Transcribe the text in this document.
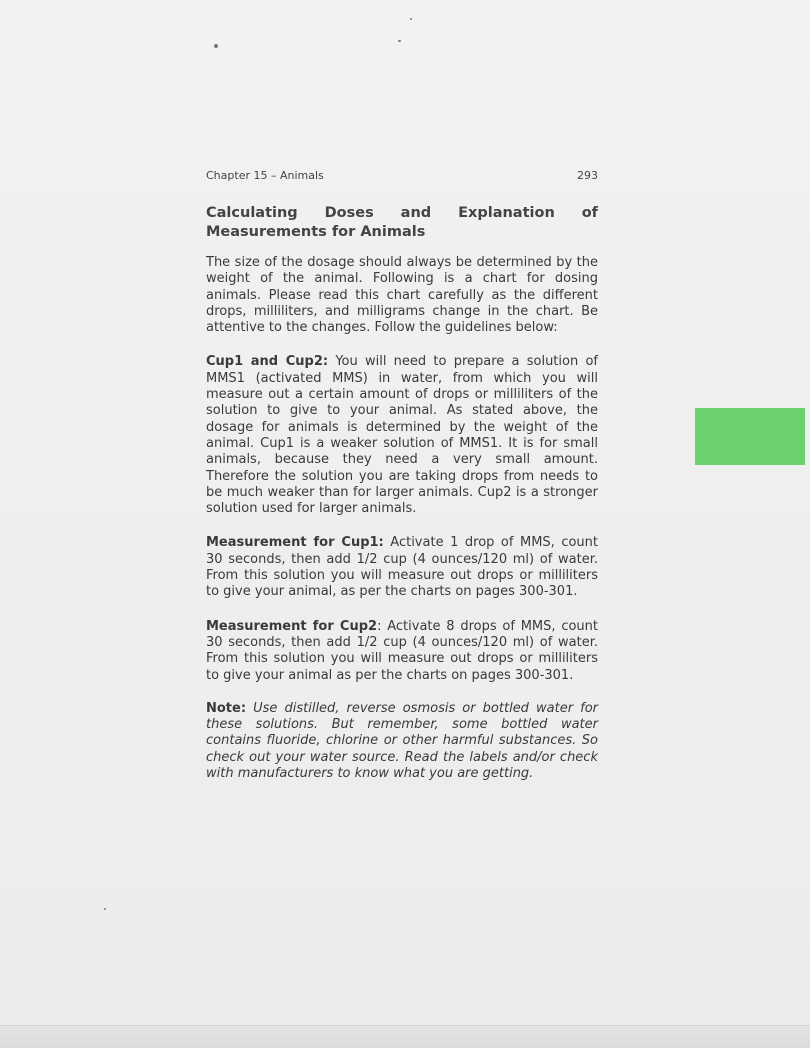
Chapter 15 – Animals	293
Calculating Doses and Explanation of Measurements for Animals

The size of the dosage should always be determined by the weight of the animal. Following is a chart for dosing animals. Please read this chart carefully as the different drops, milliliters, and milligrams change in the chart. Be attentive to the changes. Follow the guidelines below:

Cup1 and Cup2: You will need to prepare a solution of MMS1 (activated MMS) in water, from which you will measure out a certain amount of drops or milliliters of the solution to give to your animal. As stated above, the dosage for animals is determined by the weight of the animal. Cup1 is a weaker solution of MMS1. It is for small animals, because they need a very small amount. Therefore the solution you are taking drops from needs to be much weaker than for larger animals. Cup2 is a stronger solution used for larger animals.

Measurement for Cup1: Activate 1 drop of MMS, count 30 seconds, then add 1/2 cup (4 ounces/120 ml) of water. From this solution you will measure out drops or milliliters to give your animal, as per the charts on pages 300-301.

Measurement for Cup2: Activate 8 drops of MMS, count 30 seconds, then add 1/2 cup (4 ounces/120 ml) of water. From this solution you will measure out drops or milliliters to give your animal as per the charts on pages 300-301.

Note: Use distilled, reverse osmosis or bottled water for these solutions. But remember, some bottled water contains fluoride, chlorine or other harmful substances. So check out your water source. Read the labels and/or check with manufacturers to know what you are getting.
